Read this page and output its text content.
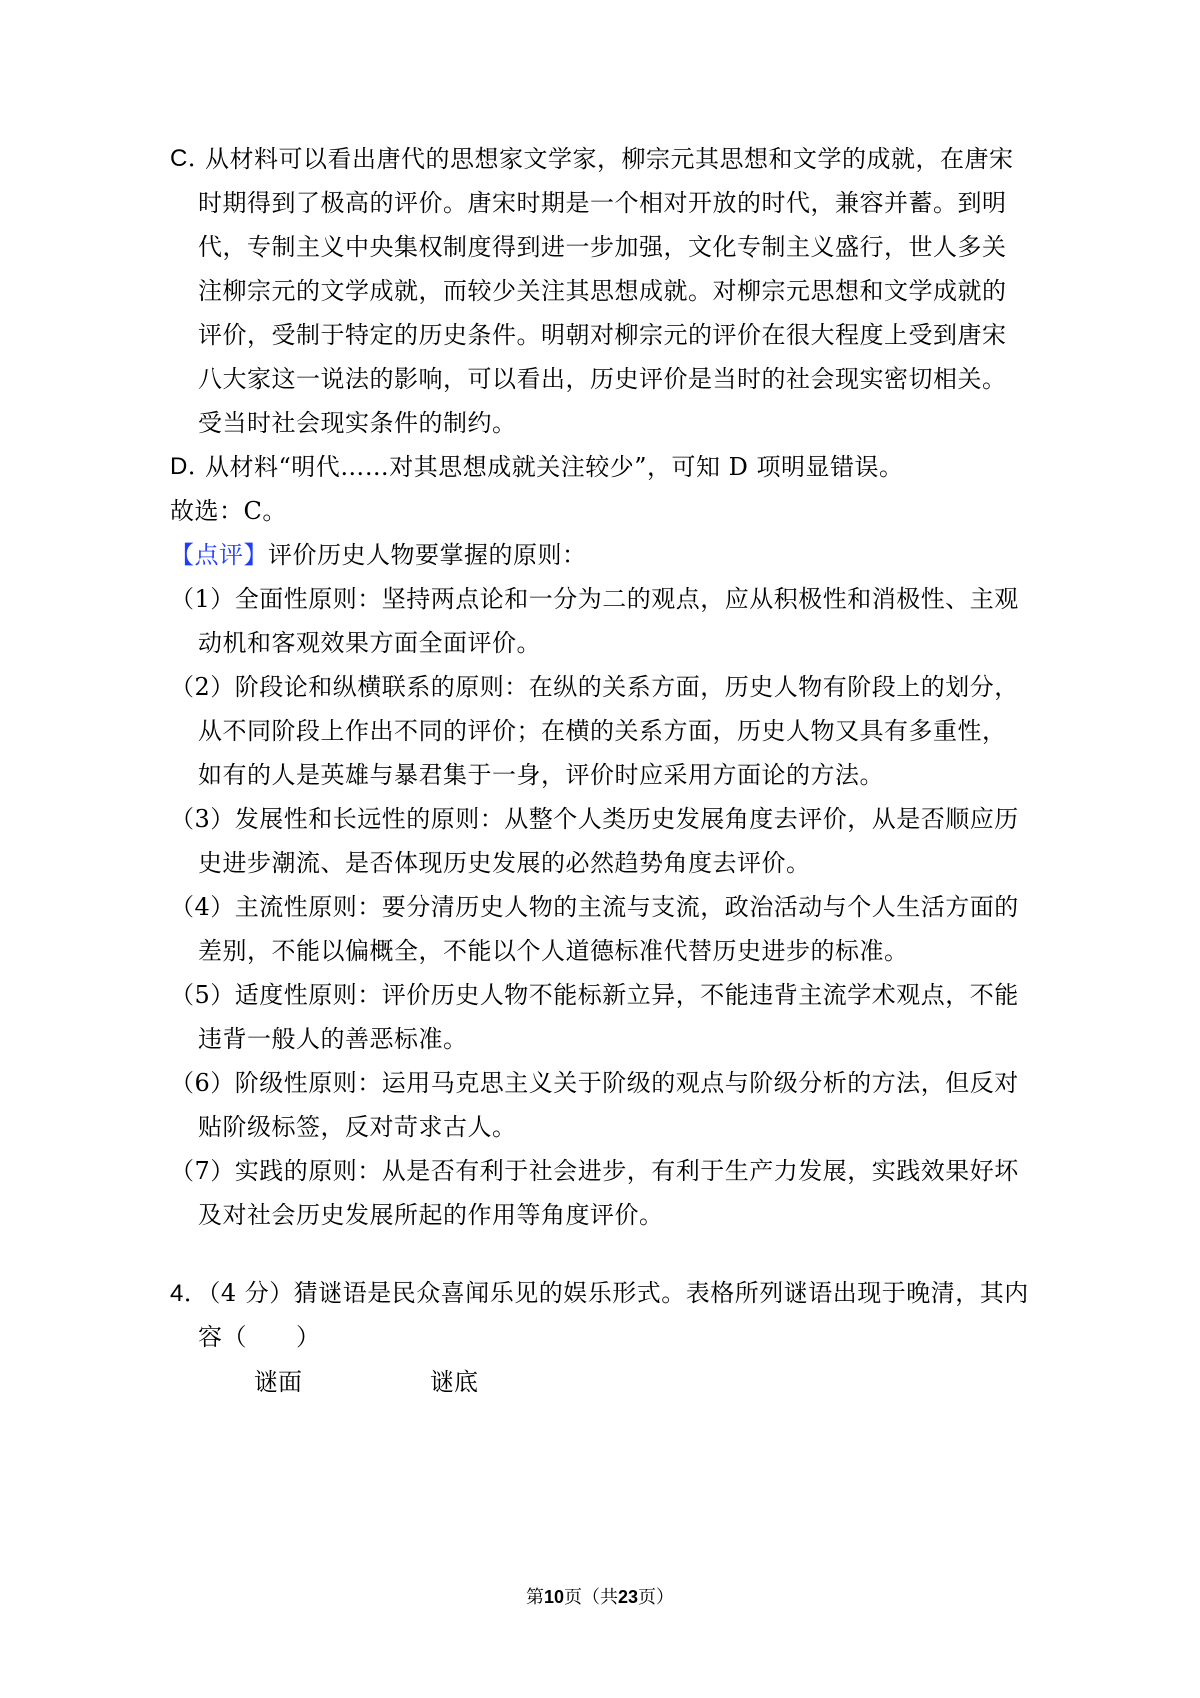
C．
从材料可以看出唐代的思想家文学家，柳宗元其思想和文学的成就，在唐宋
时期得到了极高的评价。唐宋时期是一个相对开放的时代，兼容并蓄。到明
代，专制主义中央集权制度得到进一步加强，文化专制主义盛行，世人多关
注柳宗元的文学成就，而较少关注其思想成就。对柳宗元思想和文学成就的
评价，受制于特定的历史条件。明朝对柳宗元的评价在很大程度上受到唐宋
八大家这一说法的影响，可以看出，历史评价是当时的社会现实密切相关。
受当时社会现实条件的制约。
D．
从材料“明代……对其思想成就关注较少”，可知 D 项明显错误。
故选：C。
【点评】评价历史人物要掌握的原则：
（1）全面性原则：坚持两点论和一分为二的观点，应从积极性和消极性、主观
动机和客观效果方面全面评价。
（2）阶段论和纵横联系的原则：在纵的关系方面，历史人物有阶段上的划分，
从不同阶段上作出不同的评价；在横的关系方面，历史人物又具有多重性，
如有的人是英雄与暴君集于一身，评价时应采用方面论的方法。
（3）发展性和长远性的原则：从整个人类历史发展角度去评价，从是否顺应历
史进步潮流、是否体现历史发展的必然趋势角度去评价。
（4）主流性原则：要分清历史人物的主流与支流，政治活动与个人生活方面的
差别，不能以偏概全，不能以个人道德标准代替历史进步的标准。
（5）适度性原则：评价历史人物不能标新立异，不能违背主流学术观点，不能
违背一般人的善恶标准。
（6）阶级性原则：运用马克思主义关于阶级的观点与阶级分析的方法，但反对
贴阶级标签，反对苛求古人。
（7）实践的原则：从是否有利于社会进步，有利于生产力发展，实践效果好坏
及对社会历史发展所起的作用等角度评价。
4．（4 分）猜谜语是民众喜闻乐见的娱乐形式。表格所列谜语出现于晚清，其内
容（　　）
谜面	谜底
第10页（共23页）
